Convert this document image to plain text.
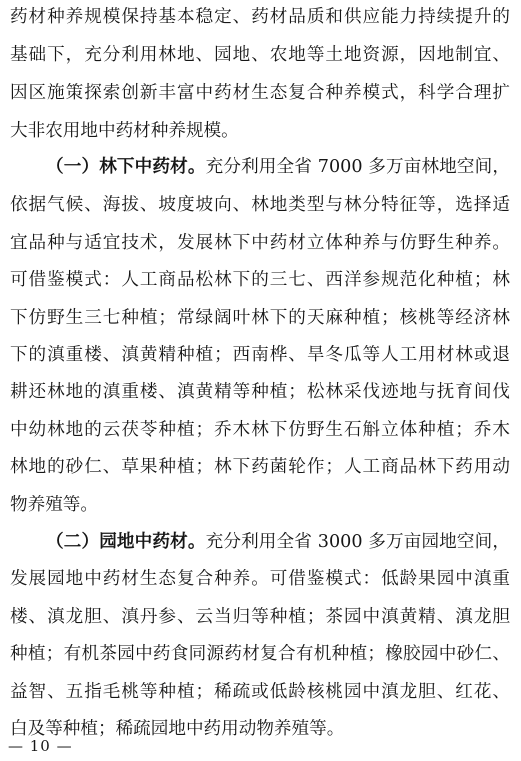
药材种养规模保持基本稳定、药材品质和供应能力持续提升的
基础下，充分利用林地、园地、农地等土地资源，因地制宜、
因区施策探索创新丰富中药材生态复合种养模式，科学合理扩
大非农用地中药材种养规模。
（一）林下中药材。充分利用全省 7000 多万亩林地空间，
依据气候、海拔、坡度坡向、林地类型与林分特征等，选择适
宜品种与适宜技术，发展林下中药材立体种养与仿野生种养。
可借鉴模式：人工商品松林下的三七、西洋参规范化种植；林
下仿野生三七种植；常绿阔叶林下的天麻种植；核桃等经济林
下的滇重楼、滇黄精种植；西南桦、旱冬瓜等人工用材林或退
耕还林地的滇重楼、滇黄精等种植；松林采伐迹地与抚育间伐
中幼林地的云茯苓种植；乔木林下仿野生石斛立体种植；乔木
林地的砂仁、草果种植；林下药菌轮作；人工商品林下药用动
物养殖等。
（二）园地中药材。充分利用全省 3000 多万亩园地空间，
发展园地中药材生态复合种养。可借鉴模式：低龄果园中滇重
楼、滇龙胆、滇丹参、云当归等种植；茶园中滇黄精、滇龙胆
种植；有机茶园中药食同源药材复合有机种植；橡胶园中砂仁、
益智、五指毛桃等种植；稀疏或低龄核桃园中滇龙胆、红花、
白及等种植；稀疏园地中药用动物养殖等。
— 10 —
